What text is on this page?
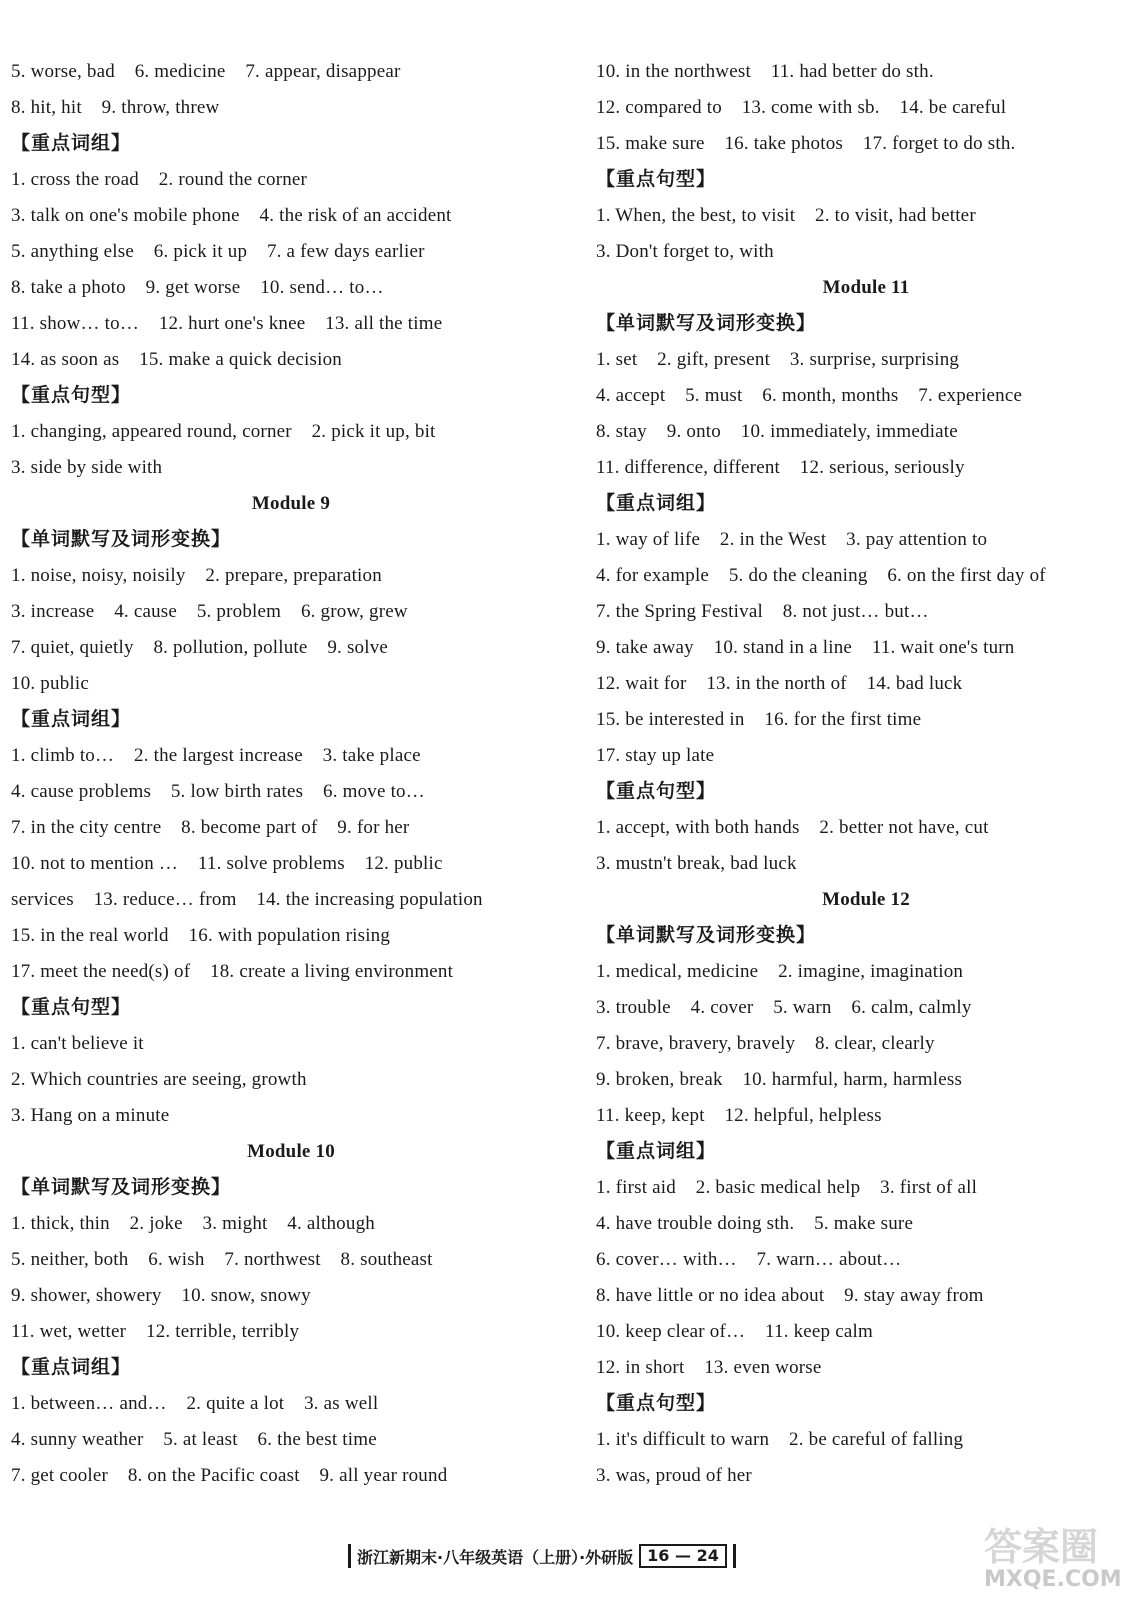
5. worse, bad    6. medicine    7. appear, disappear
8. hit, hit    9. throw, threw
【重点词组】
1. cross the road    2. round the corner
3. talk on one's mobile phone    4. the risk of an accident
5. anything else    6. pick it up    7. a few days earlier
8. take a photo    9. get worse    10. send… to…
11. show… to…    12. hurt one's knee    13. all the time
14. as soon as    15. make a quick decision
【重点句型】
1. changing, appeared round, corner    2. pick it up, bit
3. side by side with
Module 9
【单词默写及词形变换】
1. noise, noisy, noisily    2. prepare, preparation
3. increase    4. cause    5. problem    6. grow, grew
7. quiet, quietly    8. pollution, pollute    9. solve
10. public
【重点词组】
1. climb to…    2. the largest increase    3. take place
4. cause problems    5. low birth rates    6. move to…
7. in the city centre    8. become part of    9. for her
10. not to mention …    11. solve problems    12. public
services    13. reduce… from    14. the increasing population
15. in the real world    16. with population rising
17. meet the need(s) of    18. create a living environment
【重点句型】
1. can't believe it
2. Which countries are seeing, growth
3. Hang on a minute
Module 10
【单词默写及词形变换】
1. thick, thin    2. joke    3. might    4. although
5. neither, both    6. wish    7. northwest    8. southeast
9. shower, showery    10. snow, snowy
11. wet, wetter    12. terrible, terribly
【重点词组】
1. between… and…    2. quite a lot    3. as well
4. sunny weather    5. at least    6. the best time
7. get cooler    8. on the Pacific coast    9. all year round
10. in the northwest    11. had better do sth.
12. compared to    13. come with sb.    14. be careful
15. make sure    16. take photos    17. forget to do sth.
【重点句型】
1. When, the best, to visit    2. to visit, had better
3. Don't forget to, with
Module 11
【单词默写及词形变换】
1. set    2. gift, present    3. surprise, surprising
4. accept    5. must    6. month, months    7. experience
8. stay    9. onto    10. immediately, immediate
11. difference, different    12. serious, seriously
【重点词组】
1. way of life    2. in the West    3. pay attention to
4. for example    5. do the cleaning    6. on the first day of
7. the Spring Festival    8. not just… but…
9. take away    10. stand in a line    11. wait one's turn
12. wait for    13. in the north of    14. bad luck
15. be interested in    16. for the first time
17. stay up late
【重点句型】
1. accept, with both hands    2. better not have, cut
3. mustn't break, bad luck
Module 12
【单词默写及词形变换】
1. medical, medicine    2. imagine, imagination
3. trouble    4. cover    5. warn    6. calm, calmly
7. brave, bravery, bravely    8. clear, clearly
9. broken, break    10. harmful, harm, harmless
11. keep, kept    12. helpful, helpless
【重点词组】
1. first aid    2. basic medical help    3. first of all
4. have trouble doing sth.    5. make sure
6. cover… with…    7. warn… about…
8. have little or no idea about    9. stay away from
10. keep clear of…    11. keep calm
12. in short    13. even worse
【重点句型】
1. it's difficult to warn    2. be careful of falling
3. was, proud of her
浙江新期末·八年级英语（上册）·外研版 16 — 24	答案圈
MXQE.COM
